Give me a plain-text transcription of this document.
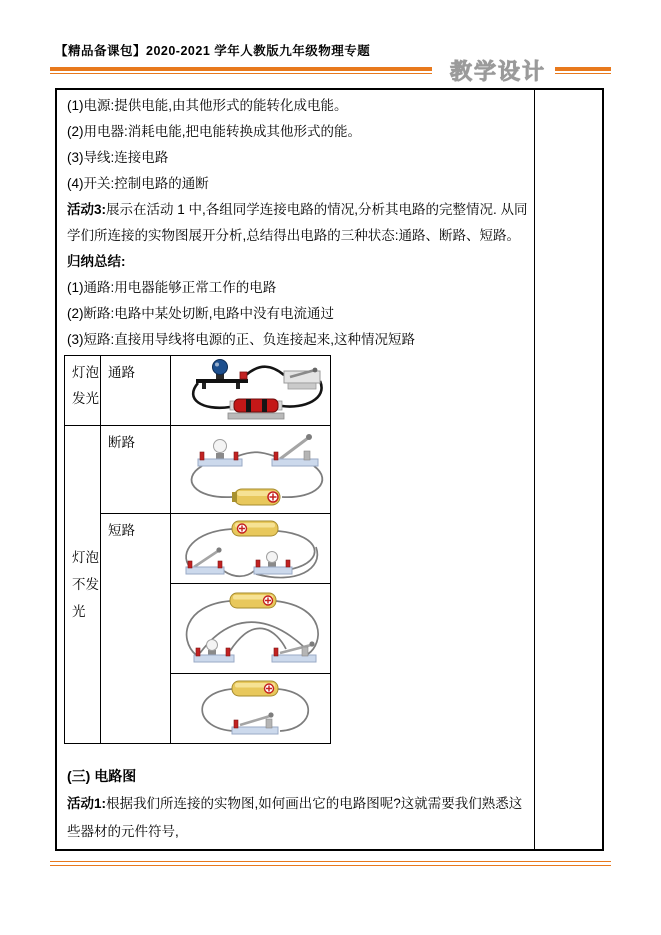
【精品备课包】2020-2021 学年人教版九年级物理专题
教学设计

(1)电源:提供电能,由其他形式的能转化成电能。

(2)用电器:消耗电能,把电能转换成其他形式的能。

(3)导线:连接电路

(4)开关:控制电路的通断

活动3:展示在活动 1 中,各组同学连接电路的情况,分析其电路的完整情况. 从同学们所连接的实物图展开分析,总结得出电路的三种状态:通路、断路、短路。

归纳总结:

(1)通路:用电器能够正常工作的电路

(2)断路:电路中某处切断,电路中没有电流通过

(3)短路:直接用导线将电源的正、负连接起来,这种情况短路

灯泡发光	通路	

灯泡不发光	断路	

	短路	

(三) 电路图

活动1:根据我们所连接的实物图,如何画出它的电路图呢?这就需要我们熟悉这些器材的元件符号,
